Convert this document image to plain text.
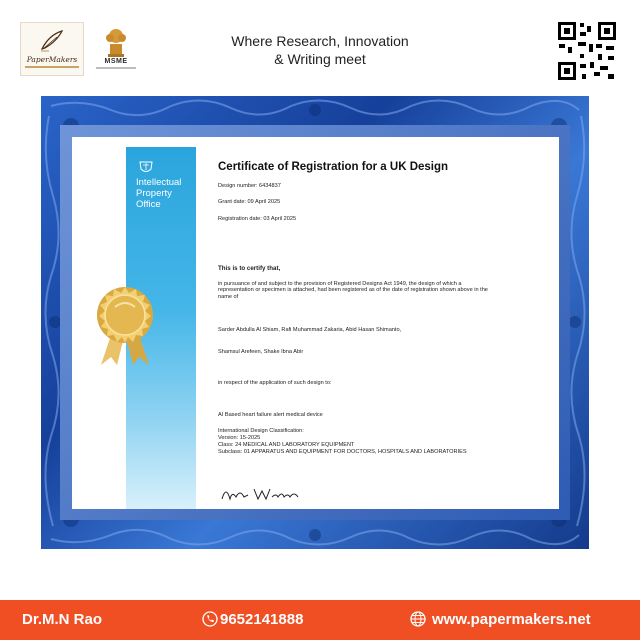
PaperMakers	MSME
Where Research, Innovation
& Writing meet
Intellectual Property Office
Certificate of Registration for a UK Design
Design number: 6434837
Grant date: 09 April 2025
Registration date: 03 April 2025
This is to certify that,
in pursuance of and subject to the provision of Registered Designs Act 1949, the design of which a representation or specimen is attached, had been registered as of the date of registration shown above in the name of
Sarder Abdulla Al Shiam, Rafi Muhammad Zakaria, Abid Hasan Shimanto,
Shamsul Arefeen, Shake Ibna Abir
in respect of the application of such design to:
AI Based heart failure alert medical device
International Design Classification:
Version: 15-2025
Class: 24 MEDICAL AND LABORATORY EQUIPMENT
Subclass: 01 APPARATUS AND EQUIPMENT FOR DOCTORS, HOSPITALS AND LABORATORIES
Dr.M.N Rao	9652141888	www.papermakers.net
